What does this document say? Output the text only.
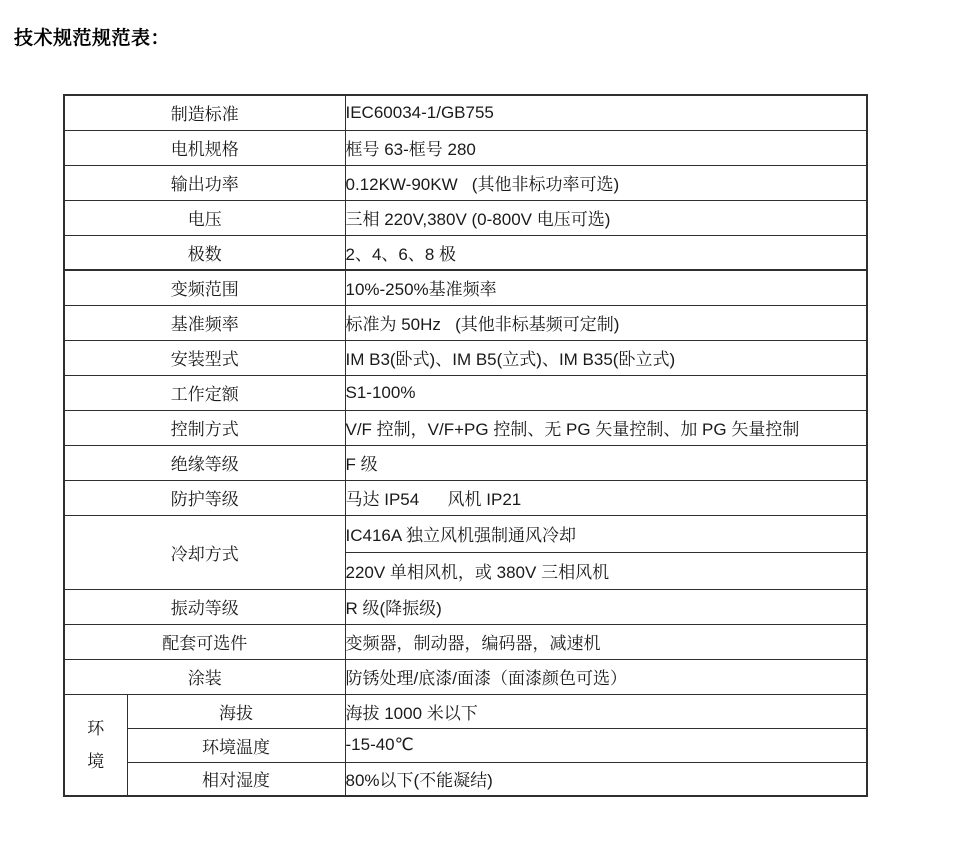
技术规范规范表：
制造标准		IEC60034-1/GB755
电机规格		框号 63-框号 280
输出功率		0.12KW-90KW   (其他非标功率可选)
电压		三相 220V,380V (0-800V 电压可选)
极数		2、4、6、8 极
变频范围		10%-250%基准频率
基准频率		标准为 50Hz   (其他非标基频可定制)
安装型式		IM B3(卧式)、IM B5(立式)、IM B35(卧立式)
工作定额		S1-100%
控制方式		V/F 控制，V/F+PG 控制、无 PG 矢量控制、加 PG 矢量控制
绝缘等级		F 级
防护等级		马达 IP54      风机 IP21
冷却方式		IC416A 独立风机强制通风冷却
		220V 单相风机，或 380V 三相风机
振动等级		R 级(降振级)
配套可选件		变频器，制动器，编码器，减速机
涂装		防锈处理/底漆/面漆（面漆颜色可选）
环境	海拔	海拔 1000 米以下
	环境温度	-15-40℃
	相对湿度	80%以下(不能凝结)
